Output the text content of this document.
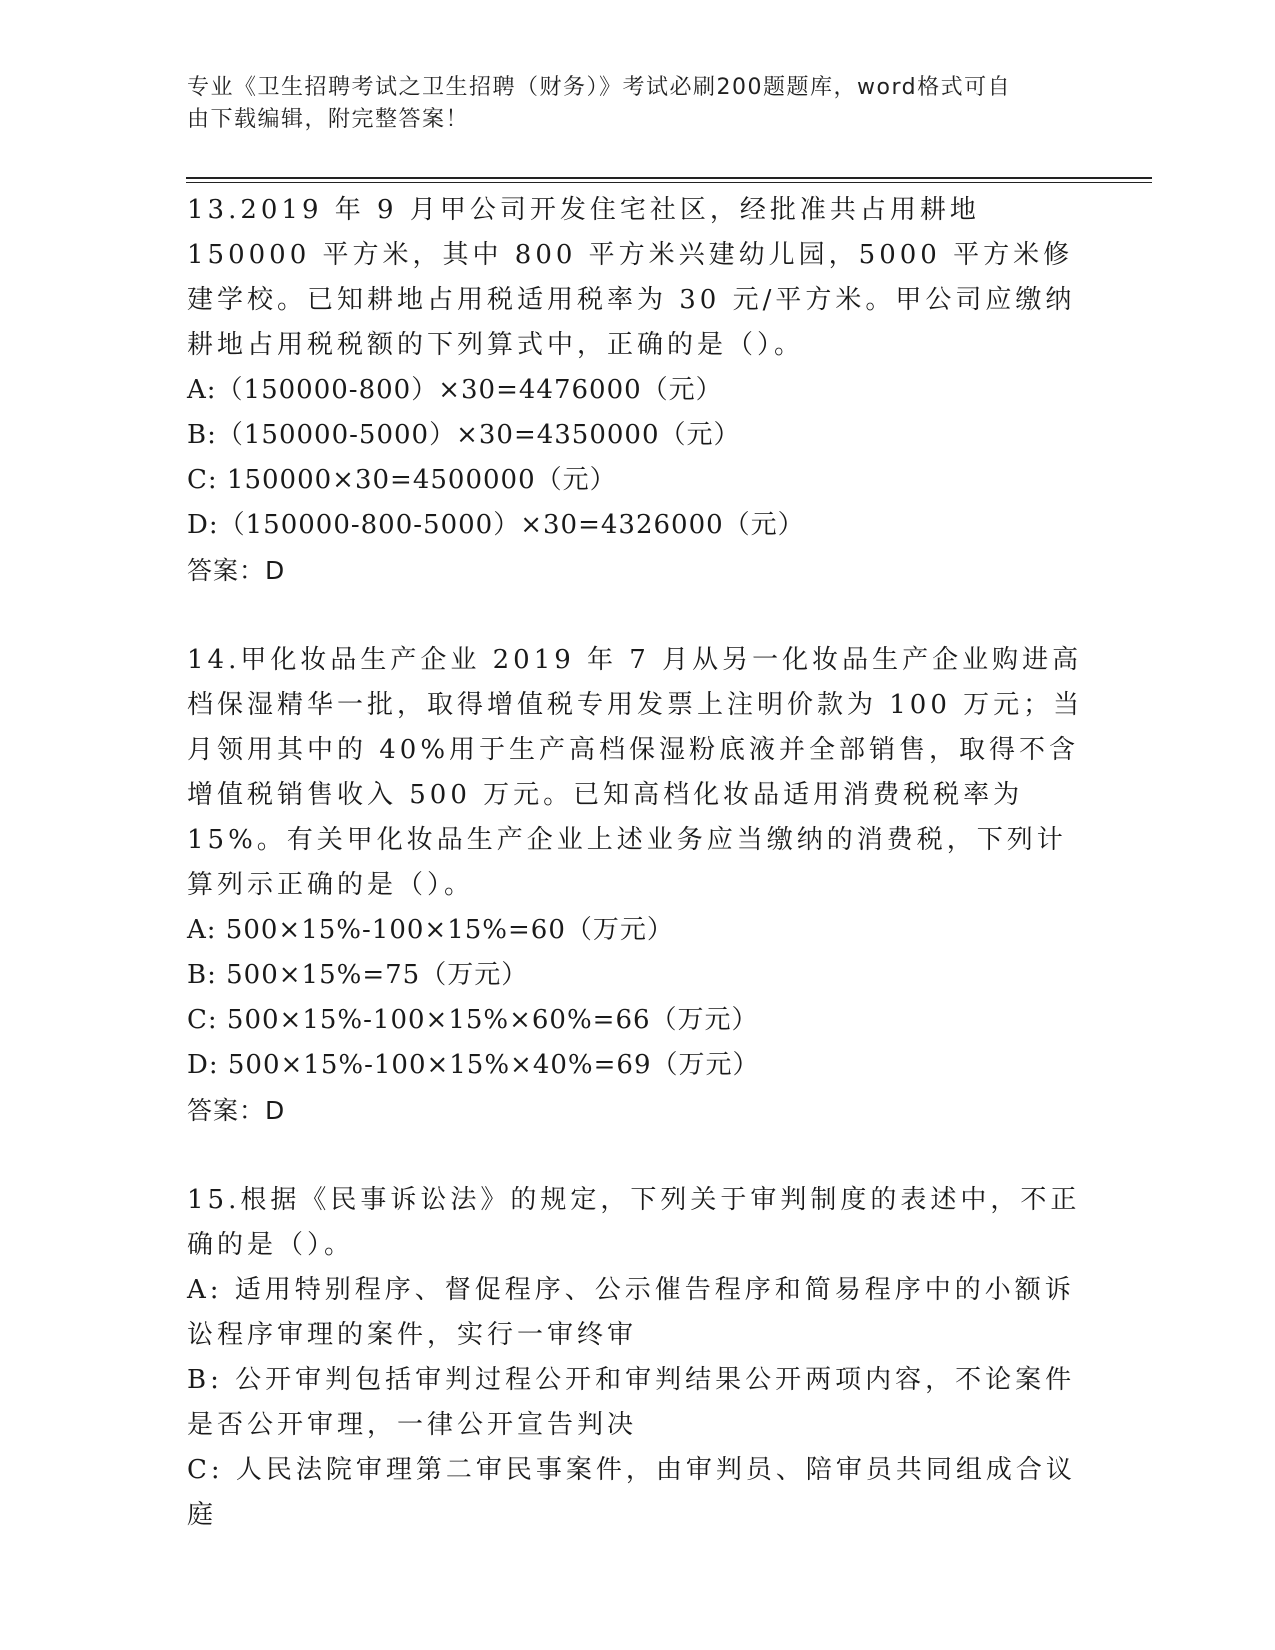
专业《卫生招聘考试之卫生招聘（财务）》考试必刷200题题库，word格式可自
由下载编辑，附完整答案！

13.2019 年 9 月甲公司开发住宅社区，经批准共占用耕地 150000 平方米，其中 800 平方米兴建幼儿园，5000 平方米修建学校。已知耕地占用税适用税率为 30 元/平方米。甲公司应缴纳耕地占用税税额的下列算式中，正确的是（）。

A:（150000-800）×30=4476000（元）

B:（150000-5000）×30=4350000（元）

C: 150000×30=4500000（元）

D:（150000-800-5000）×30=4326000（元）

答案：D

14.甲化妆品生产企业 2019 年 7 月从另一化妆品生产企业购进高档保湿精华一批，取得增值税专用发票上注明价款为 100 万元；当月领用其中的 40%用于生产高档保湿粉底液并全部销售，取得不含增值税销售收入 500 万元。已知高档化妆品适用消费税税率为 15%。有关甲化妆品生产企业上述业务应当缴纳的消费税，下列计算列示正确的是（）。

A: 500×15%-100×15%=60（万元）

B: 500×15%=75（万元）

C: 500×15%-100×15%×60%=66（万元）

D: 500×15%-100×15%×40%=69（万元）

答案：D

15.根据《民事诉讼法》的规定，下列关于审判制度的表述中，不正确的是（）。

A: 适用特别程序、督促程序、公示催告程序和简易程序中的小额诉讼程序审理的案件，实行一审终审

B: 公开审判包括审判过程公开和审判结果公开两项内容，不论案件是否公开审理，一律公开宣告判决

C: 人民法院审理第二审民事案件，由审判员、陪审员共同组成合议庭
